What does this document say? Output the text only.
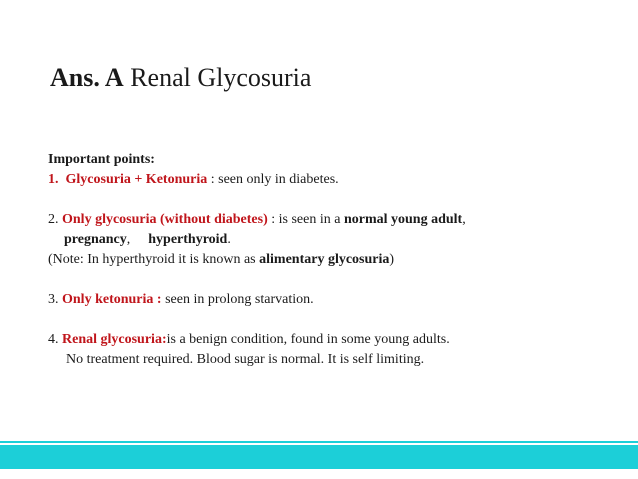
Ans. A Renal Glycosuria
Important points:
1. Glycosuria + Ketonuria : seen only in diabetes.
2. Only glycosuria (without diabetes) : is seen in a normal young adult,
pregnancy, hyperthyroid.
(Note: In hyperthyroid it is known as alimentary glycosuria)
3. Only ketonuria : seen in prolong starvation.
4. Renal glycosuria:is a benign condition, found in some young adults.
No treatment required. Blood sugar is normal. It is self limiting.
